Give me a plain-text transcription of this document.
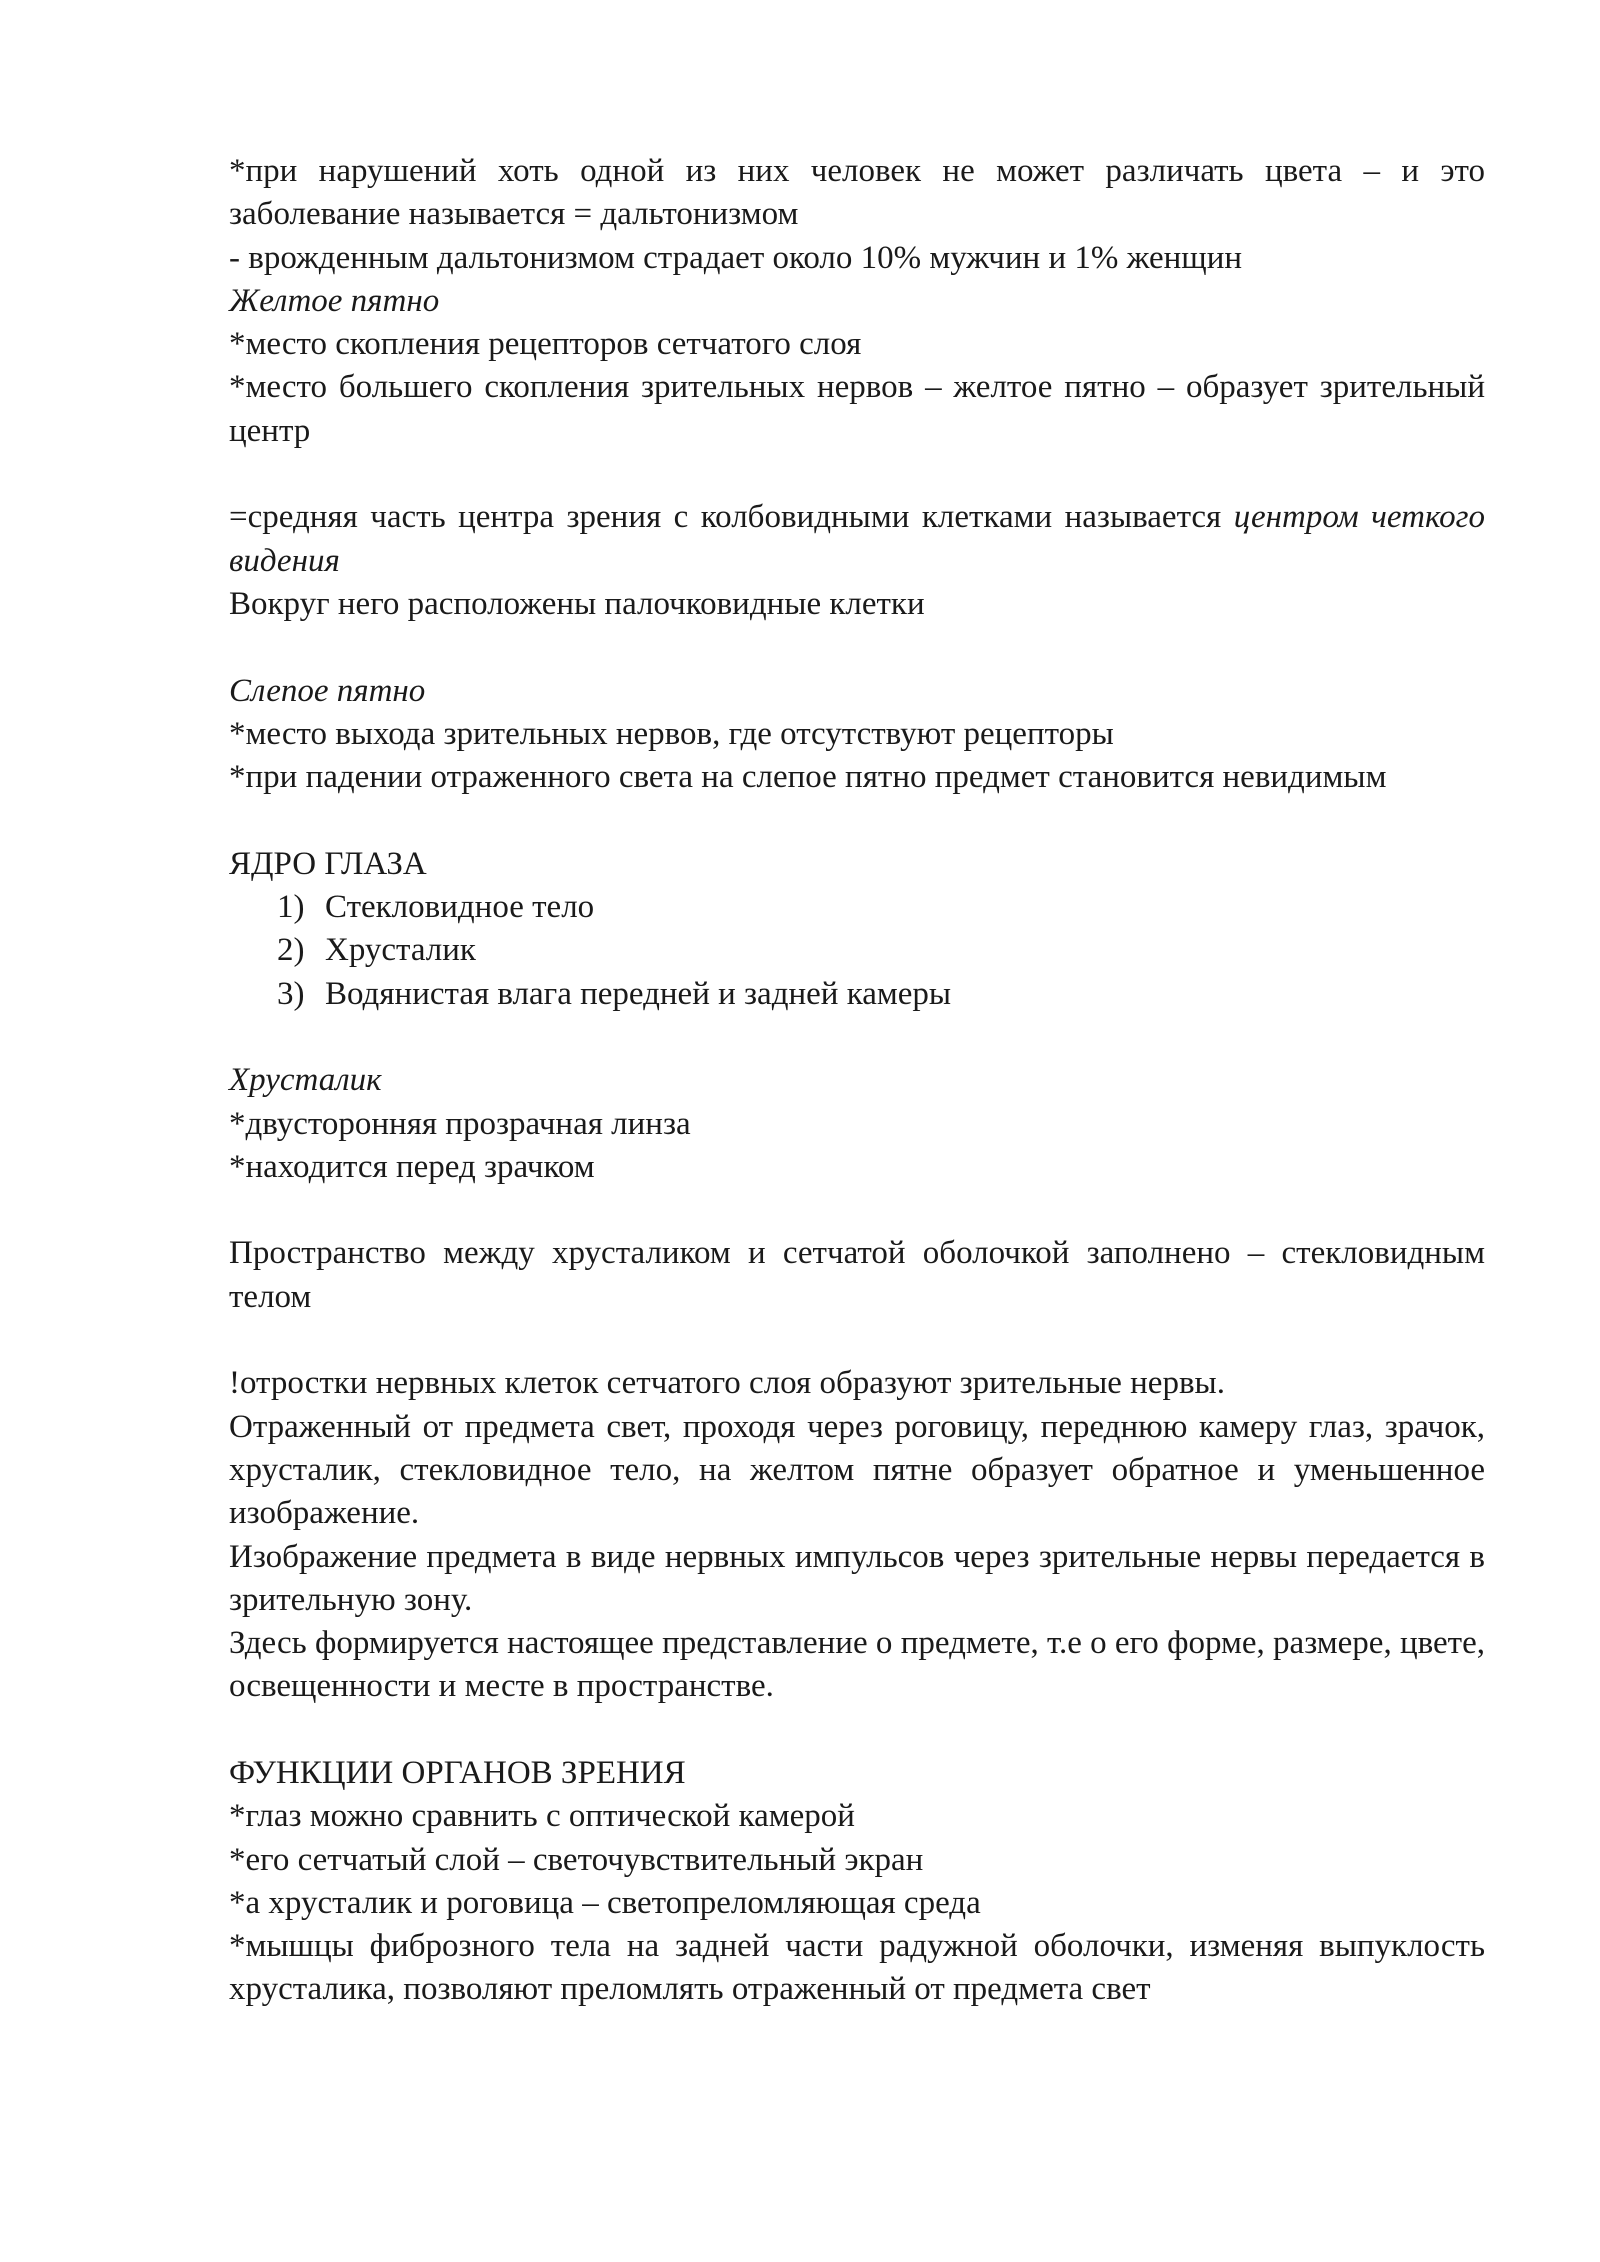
*при нарушений хоть одной из них человек не может различать цвета – и это заболевание называется = дальтонизмом

- врожденным дальтонизмом страдает около 10% мужчин и 1% женщин

Желтое пятно

*место скопления рецепторов сетчатого слоя

*место большего скопления зрительных нервов – желтое пятно – образует зрительный центр

=средняя часть центра зрения с колбовидными клетками называется центром четкого видения

Вокруг него расположены палочковидные клетки

Слепое пятно

*место выхода зрительных нервов, где отсутствуют рецепторы

*при падении отраженного света на слепое пятно предмет становится невидимым

ЯДРО ГЛАЗА

1) Стекловидное тело
2) Хрусталик
3) Водянистая влага передней и задней камеры

Хрусталик

*двусторонняя прозрачная линза

*находится перед зрачком

Пространство между хрусталиком и сетчатой оболочкой заполнено – стекловидным телом

!отростки нервных клеток сетчатого слоя образуют зрительные нервы.

Отраженный от предмета свет, проходя через роговицу, переднюю камеру глаз, зрачок, хрусталик, стекловидное тело, на желтом пятне образует обратное и уменьшенное изображение.

Изображение предмета в виде нервных импульсов через зрительные нервы передается в зрительную зону.

Здесь формируется настоящее представление о предмете, т.е о его форме, размере, цвете, освещенности и месте в пространстве.

ФУНКЦИИ ОРГАНОВ ЗРЕНИЯ

*глаз можно сравнить с оптической камерой

*его сетчатый слой – светочувствительный экран

*а хрусталик и роговица – светопреломляющая среда

*мышцы фиброзного тела на задней части радужной оболочки, изменяя выпуклость хрусталика, позволяют преломлять отраженный от предмета свет
